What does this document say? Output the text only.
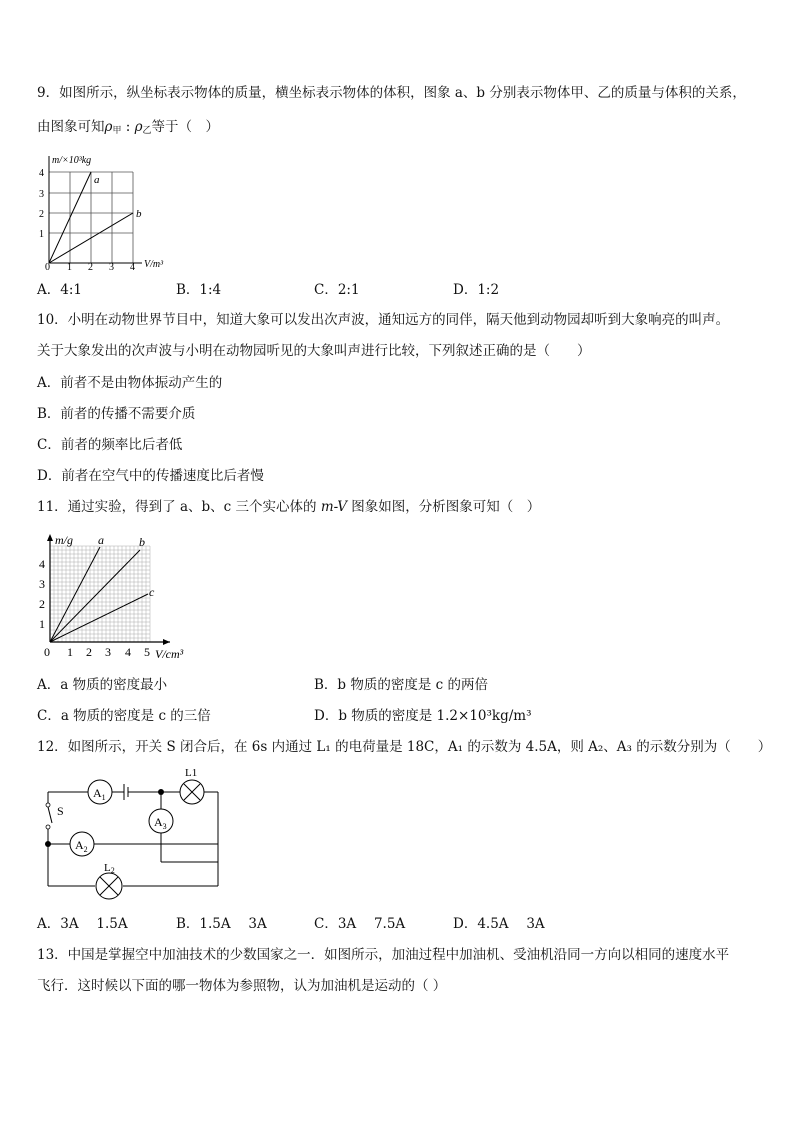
9．如图所示，纵坐标表示物体的质量，横坐标表示物体的体积，图象 a、b 分别表示物体甲、乙的质量与体积的关系，
由图象可知$\rho_甲$ : $\rho_乙$等于（　）
m/×10³kg
V/m³
a
b
1
2
3
4
0 1 2 3 4
A．4:1	B．1:4	C．2:1	D．1:2
10．小明在动物世界节目中，知道大象可以发出次声波，通知远方的同伴，隔天他到动物园却听到大象响亮的叫声。
关于大象发出的次声波与小明在动物园听见的大象叫声进行比较，下列叙述正确的是（　　）
A．前者不是由物体振动产生的
B．前者的传播不需要介质
C．前者的频率比后者低
D．前者在空气中的传播速度比后者慢
11．通过实验，得到了 a、b、c 三个实心体的 m-V 图象如图，分析图象可知（　）
m/g
V/cm³
a	b
c
1
2
3
4
0 1 2 3 4 5
A．a 物质的密度最小	B．b 物质的密度是 c 的两倍
C．a 物质的密度是 c 的三倍	D．b 物质的密度是 1.2×10³kg/m³
12．如图所示，开关 S 闭合后，在 6s 内通过 L₁ 的电荷量是 18C，A₁ 的示数为 4.5A，则 A₂、A₃ 的示数分别为（　　）
$A_1$
$A_2$
$A_3$
L1
L2
S
A．3A　 1.5A	B．1.5A　 3A	C．3A　 7.5A	D．4.5A　 3A
13．中国是掌握空中加油技术的少数国家之一．如图所示，加油过程中加油机、受油机沿同一方向以相同的速度水平
飞行．这时候以下面的哪一物体为参照物，认为加油机是运动的（ ）
